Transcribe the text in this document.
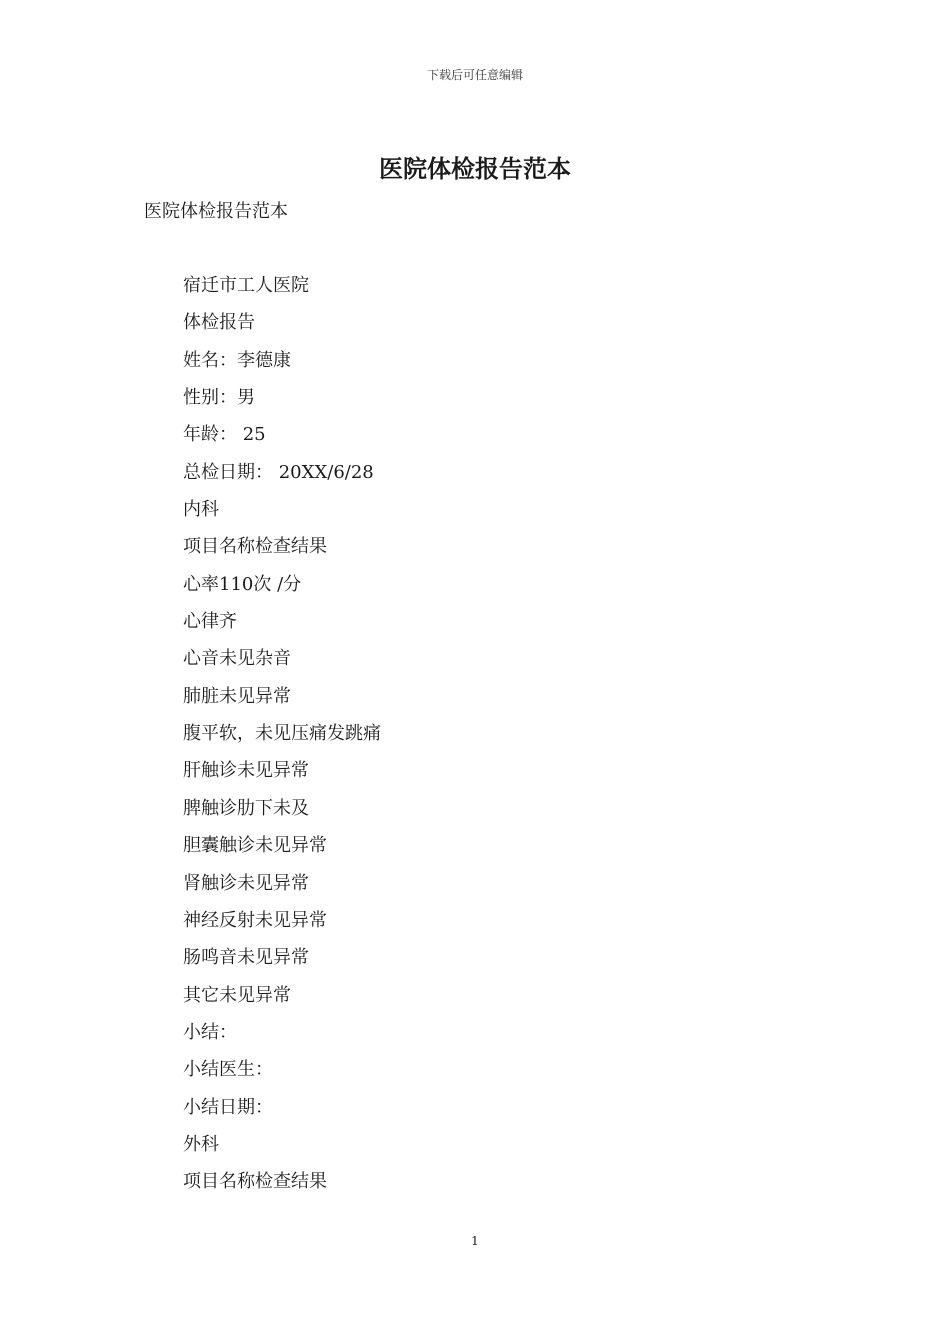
下载后可任意编辑
医院体检报告范本
医院体检报告范本
宿迁市工人医院
体检报告
姓名：李德康
性别：男
年龄： 25
总检日期： 20XX/6/28
内科
项目名称检查结果
心率110次 /分
心律齐
心音未见杂音
肺脏未见异常
腹平软，未见压痛发跳痛
肝触诊未见异常
脾触诊肋下未及
胆囊触诊未见异常
肾触诊未见异常
神经反射未见异常
肠鸣音未见异常
其它未见异常
小结：
小结医生：
小结日期：
外科
项目名称检查结果
1
